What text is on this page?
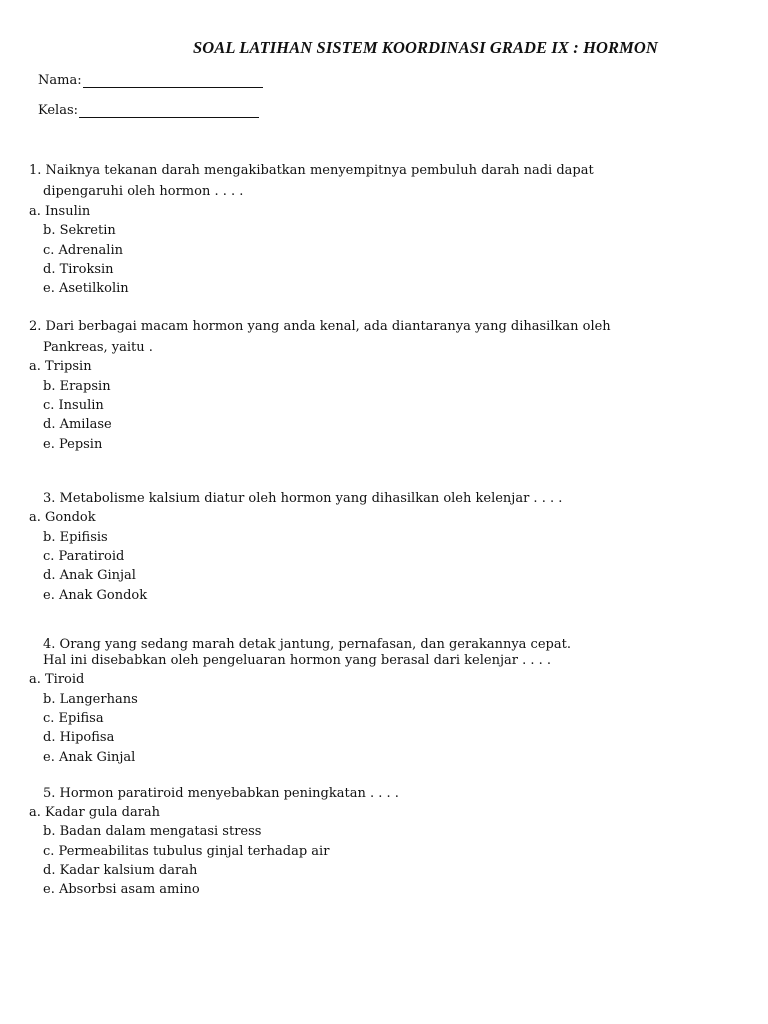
SOAL LATIHAN SISTEM KOORDINASI GRADE IX : HORMON
Nama:
Kelas:
1. Naiknya tekanan darah mengakibatkan menyempitnya pembuluh darah nadi dapat
dipengaruhi oleh hormon . . . .
a. Insulin
b. Sekretin
c. Adrenalin
d. Tiroksin
e. Asetilkolin
2. Dari berbagai macam hormon yang anda kenal, ada diantaranya yang dihasilkan oleh
Pankreas, yaitu .
a. Tripsin
b. Erapsin
c. Insulin
d. Amilase
e. Pepsin
3. Metabolisme kalsium diatur oleh hormon yang dihasilkan oleh kelenjar . . . .
a. Gondok
b. Epifisis
c. Paratiroid
d. Anak Ginjal
e. Anak Gondok
4. Orang yang sedang marah detak jantung, pernafasan, dan gerakannya cepat.
Hal ini disebabkan oleh pengeluaran hormon yang berasal dari kelenjar . . . .
a. Tiroid
b. Langerhans
c. Epifisa
d. Hipofisa
e. Anak Ginjal
5. Hormon paratiroid menyebabkan peningkatan . . . .
a. Kadar gula darah
b. Badan dalam mengatasi stress
c. Permeabilitas tubulus ginjal terhadap air
d. Kadar kalsium darah
e. Absorbsi asam amino
